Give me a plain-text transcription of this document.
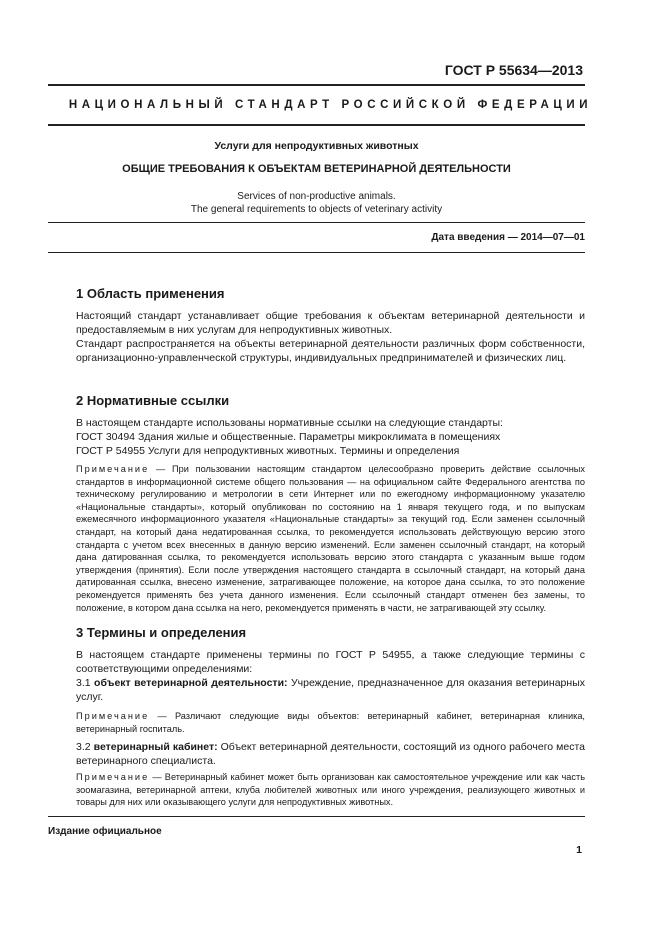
ГОСТ Р 55634—2013
НАЦИОНАЛЬНЫЙ СТАНДАРТ РОССИЙСКОЙ ФЕДЕРАЦИИ
Услуги для непродуктивных животных
ОБЩИЕ ТРЕБОВАНИЯ К ОБЪЕКТАМ ВЕТЕРИНАРНОЙ ДЕЯТЕЛЬНОСТИ
Services of non-productive animals.
The general requirements to objects of veterinary activity
Дата введения — 2014—07—01
1 Область применения
Настоящий стандарт устанавливает общие требования к объектам ветеринарной деятельности и предоставляемым в них услугам для непродуктивных животных.
Стандарт распространяется на объекты ветеринарной деятельности различных форм собственности, организационно-управленческой структуры, индивидуальных предпринимателей и физических лиц.
2 Нормативные ссылки
В настоящем стандарте использованы нормативные ссылки на следующие стандарты:
ГОСТ 30494 Здания жилые и общественные. Параметры микроклимата в помещениях
ГОСТ Р 54955 Услуги для непродуктивных животных. Термины и определения
Примечание — При пользовании настоящим стандартом целесообразно проверить действие ссылочных стандартов в информационной системе общего пользования — на официальном сайте Федерального агентства по техническому регулированию и метрологии в сети Интернет или по ежегодному информационному указателю «Национальные стандарты», который опубликован по состоянию на 1 января текущего года, и по выпускам ежемесячного информационного указателя «Национальные стандарты» за текущий год. Если заменен ссылочный стандарт, на который дана недатированная ссылка, то рекомендуется использовать действующую версию этого стандарта с учетом всех внесенных в данную версию изменений. Если заменен ссылочный стандарт, на который дана датированная ссылка, то рекомендуется использовать версию этого стандарта с указанным выше годом утверждения (принятия). Если после утверждения настоящего стандарта в ссылочный стандарт, на который дана датированная ссылка, внесено изменение, затрагивающее положение, на которое дана ссылка, то это положение рекомендуется применять без учета данного изменения. Если ссылочный стандарт отменен без замены, то положение, в котором дана ссылка на него, рекомендуется применять в части, не затрагивающей эту ссылку.
3 Термины и определения
В настоящем стандарте применены термины по ГОСТ Р 54955, а также следующие термины с соответствующими определениями:
3.1 объект ветеринарной деятельности: Учреждение, предназначенное для оказания ветеринарных услуг.
Примечание — Различают следующие виды объектов: ветеринарный кабинет, ветеринарная клиника, ветеринарный госпиталь.
3.2 ветеринарный кабинет: Объект ветеринарной деятельности, состоящий из одного рабочего места ветеринарного специалиста.
Примечание — Ветеринарный кабинет может быть организован как самостоятельное учреждение или как часть зоомагазина, ветеринарной аптеки, клуба любителей животных или иного учреждения, реализующего животных и товары для них или оказывающего услуги для непродуктивных животных.
Издание официальное
1
